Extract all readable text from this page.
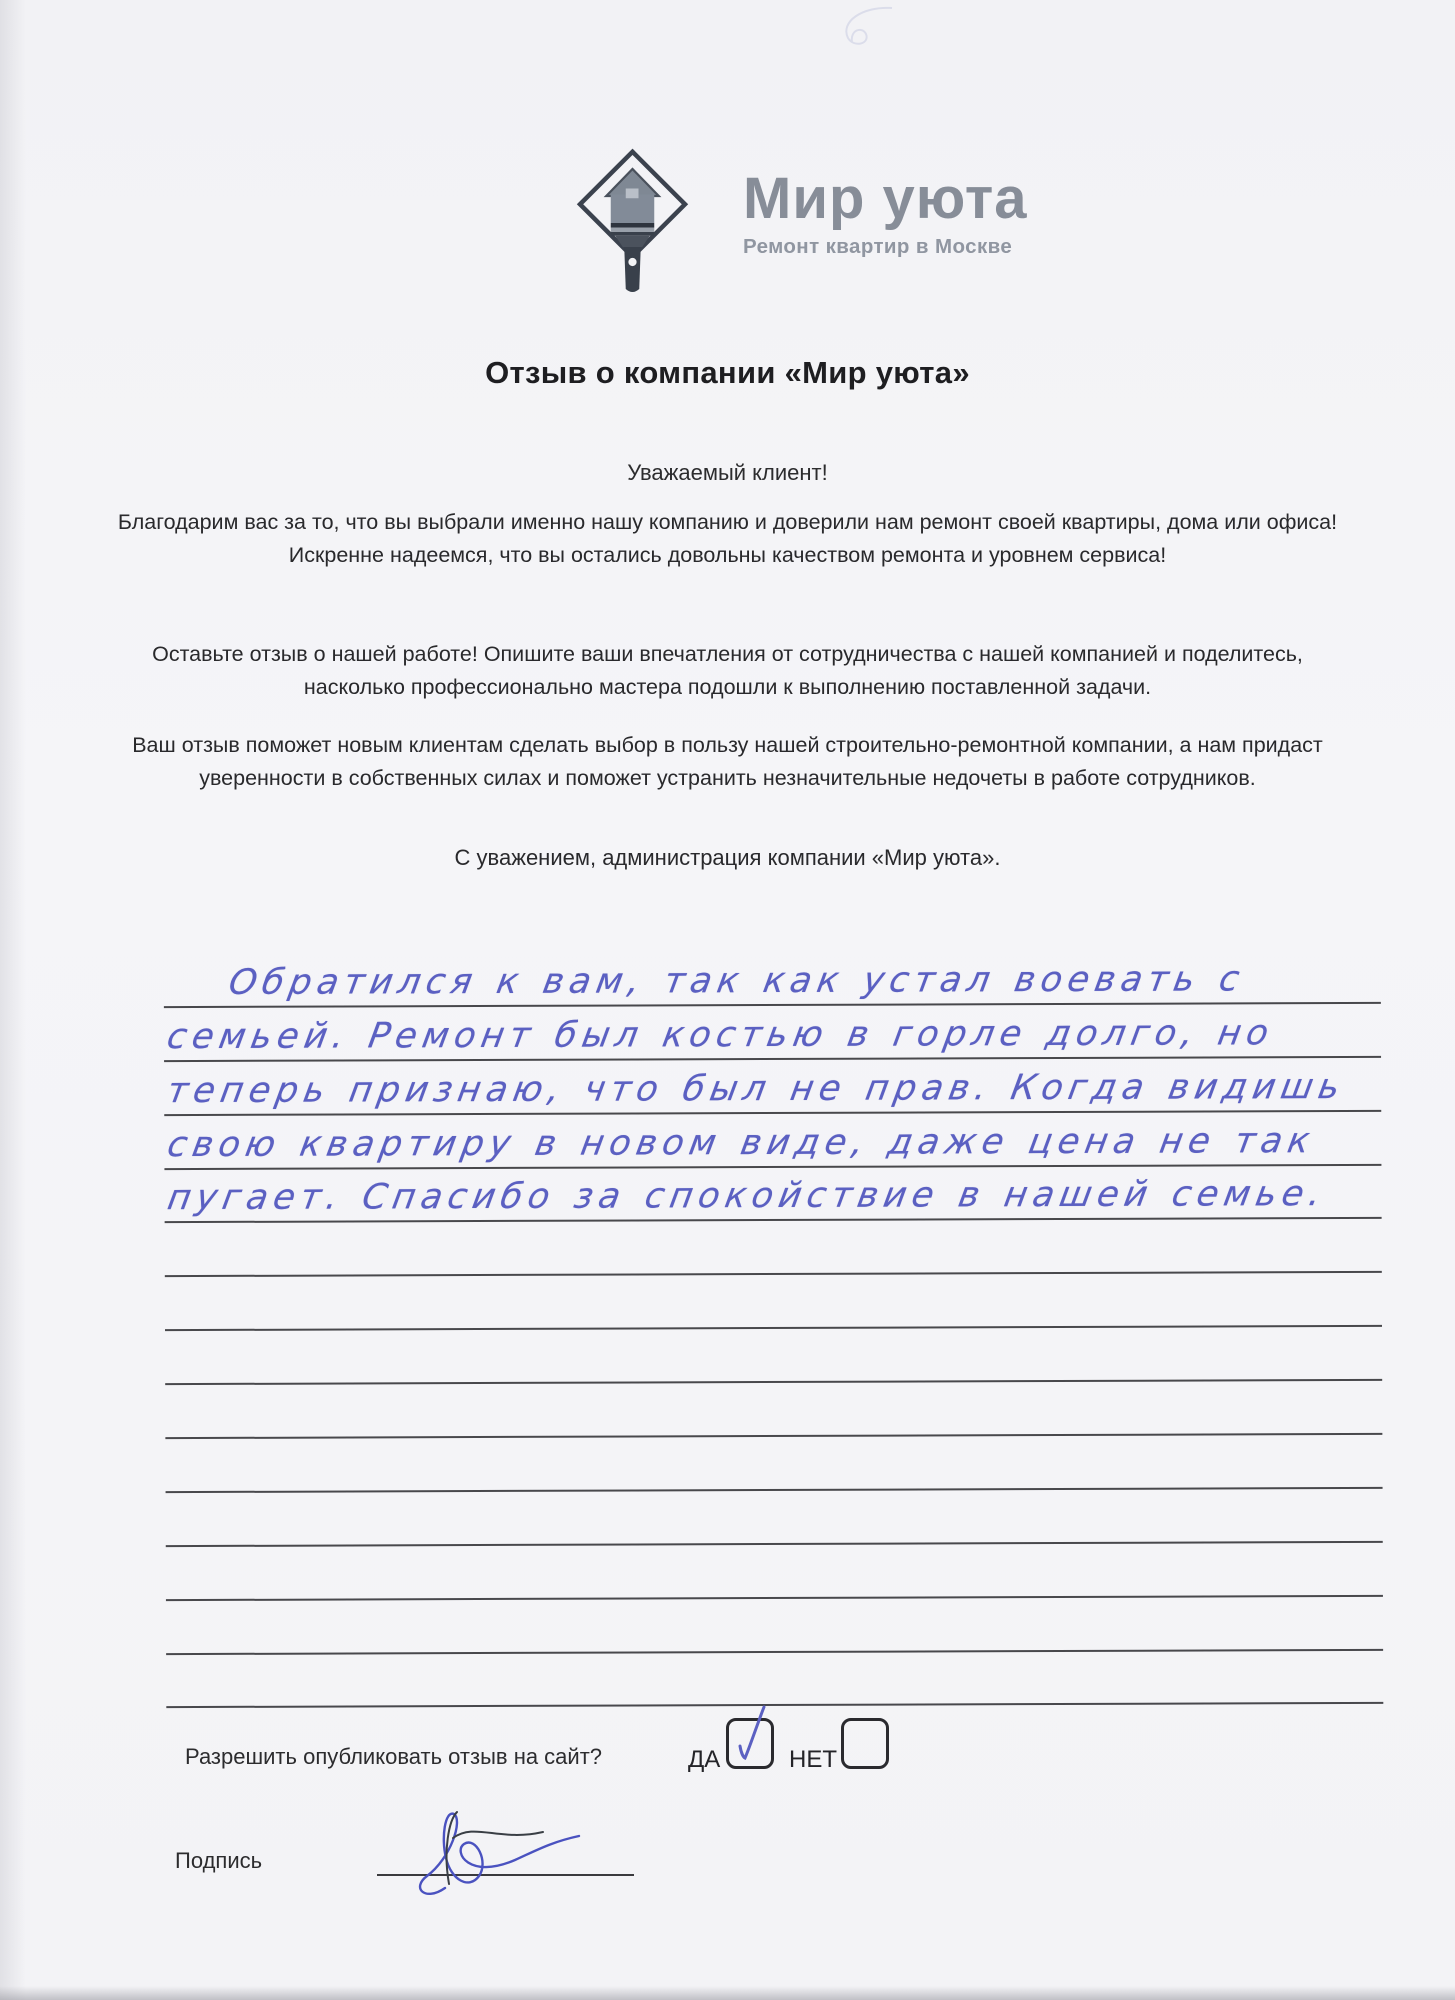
Мир уюта
Ремонт квартир в Москве
Отзыв о компании «Мир уюта»
Уважаемый клиент!
Благодарим вас за то, что вы выбрали именно нашу компанию и доверили нам ремонт своей квартиры, дома или офиса! Искренне надеемся, что вы остались довольны качеством ремонта и уровнем сервиса!
Оставьте отзыв о нашей работе! Опишите ваши впечатления от сотрудничества с нашей компанией и поделитесь, насколько профессионально мастера подошли к выполнению поставленной задачи.
Ваш отзыв поможет новым клиентам сделать выбор в пользу нашей строительно-ремонтной компании, а нам придаст уверенности в собственных силах и поможет устранить незначительные недочеты в работе сотрудников.
С уважением, администрация компании «Мир уюта».
Обратился к вам, так как устал воевать с
семьей. Ремонт был костью в горле долго, но
теперь признаю, что был не прав. Когда видишь
свою квартиру в новом виде, даже цена не так
пугает. Спасибо за спокойствие в нашей семье.
Разрешить опубликовать отзыв на сайт?	ДА	НЕТ
Подпись
